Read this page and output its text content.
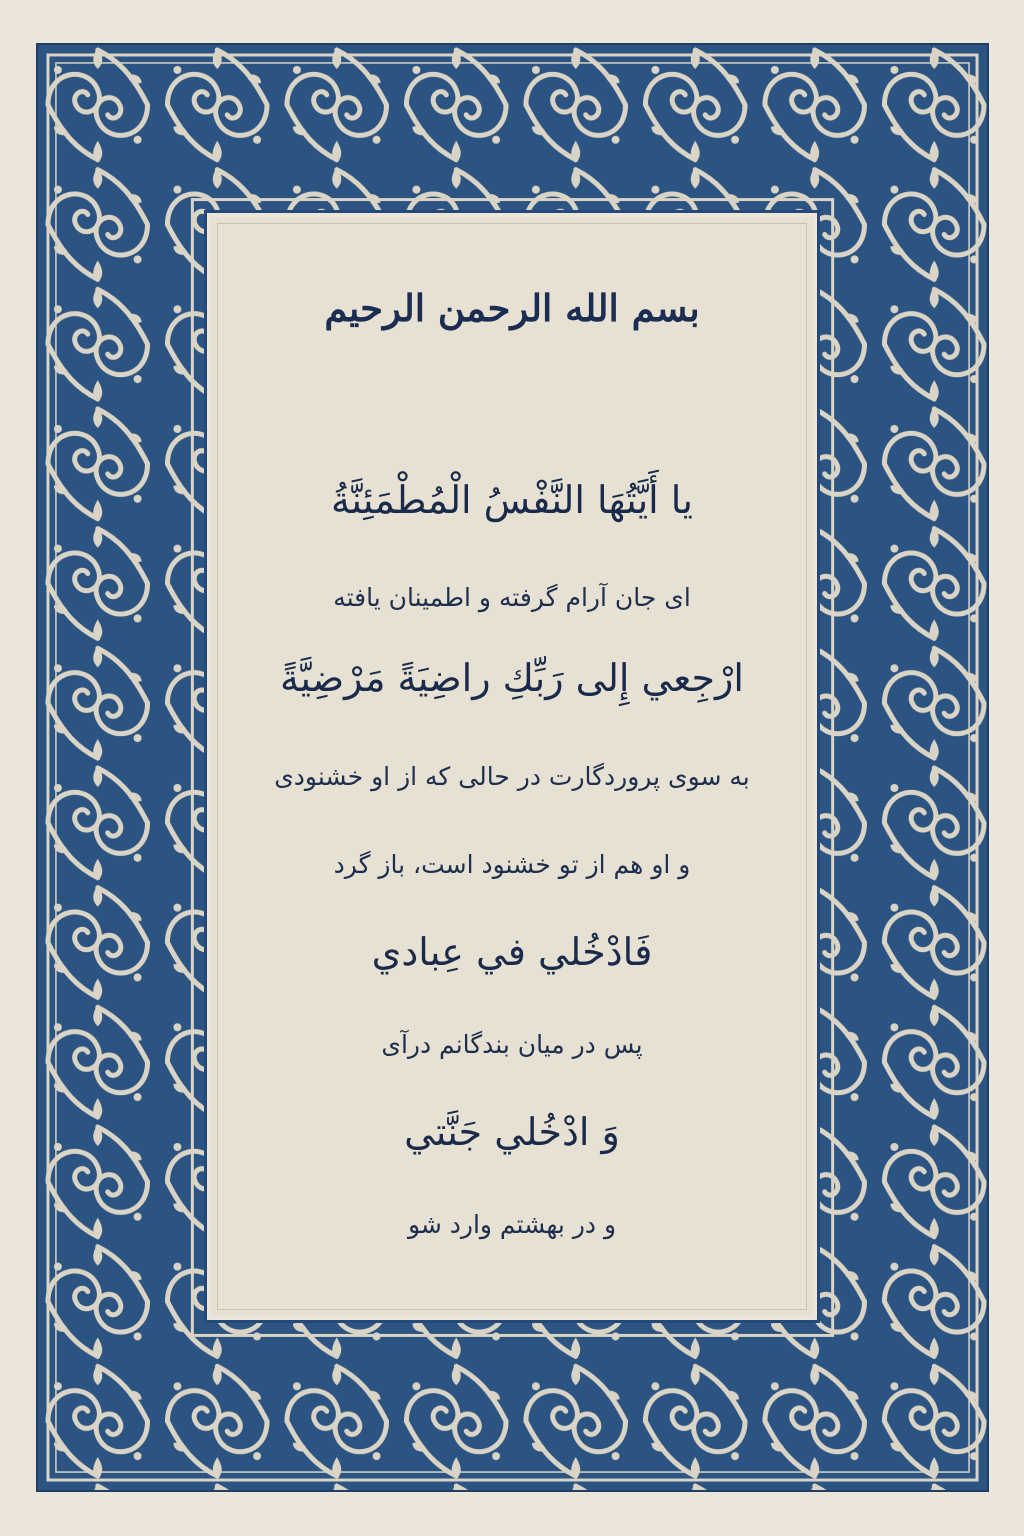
بسم الله الرحمن الرحیم
يا أَيَّتُهَا النَّفْسُ الْمُطْمَئِنَّةُ
ای جان آرام گرفته و اطمینان یافته
ارْجِعي إِلى رَبِّكِ راضِيَةً مَرْضِيَّةً
به سوی پروردگارت در حالی که از او خشنودی
و او هم از تو خشنود است، باز گرد
فَادْخُلي في عِبادي
پس در میان بندگانم درآی
وَ ادْخُلي جَنَّتي
و در بهشتم وارد شو
